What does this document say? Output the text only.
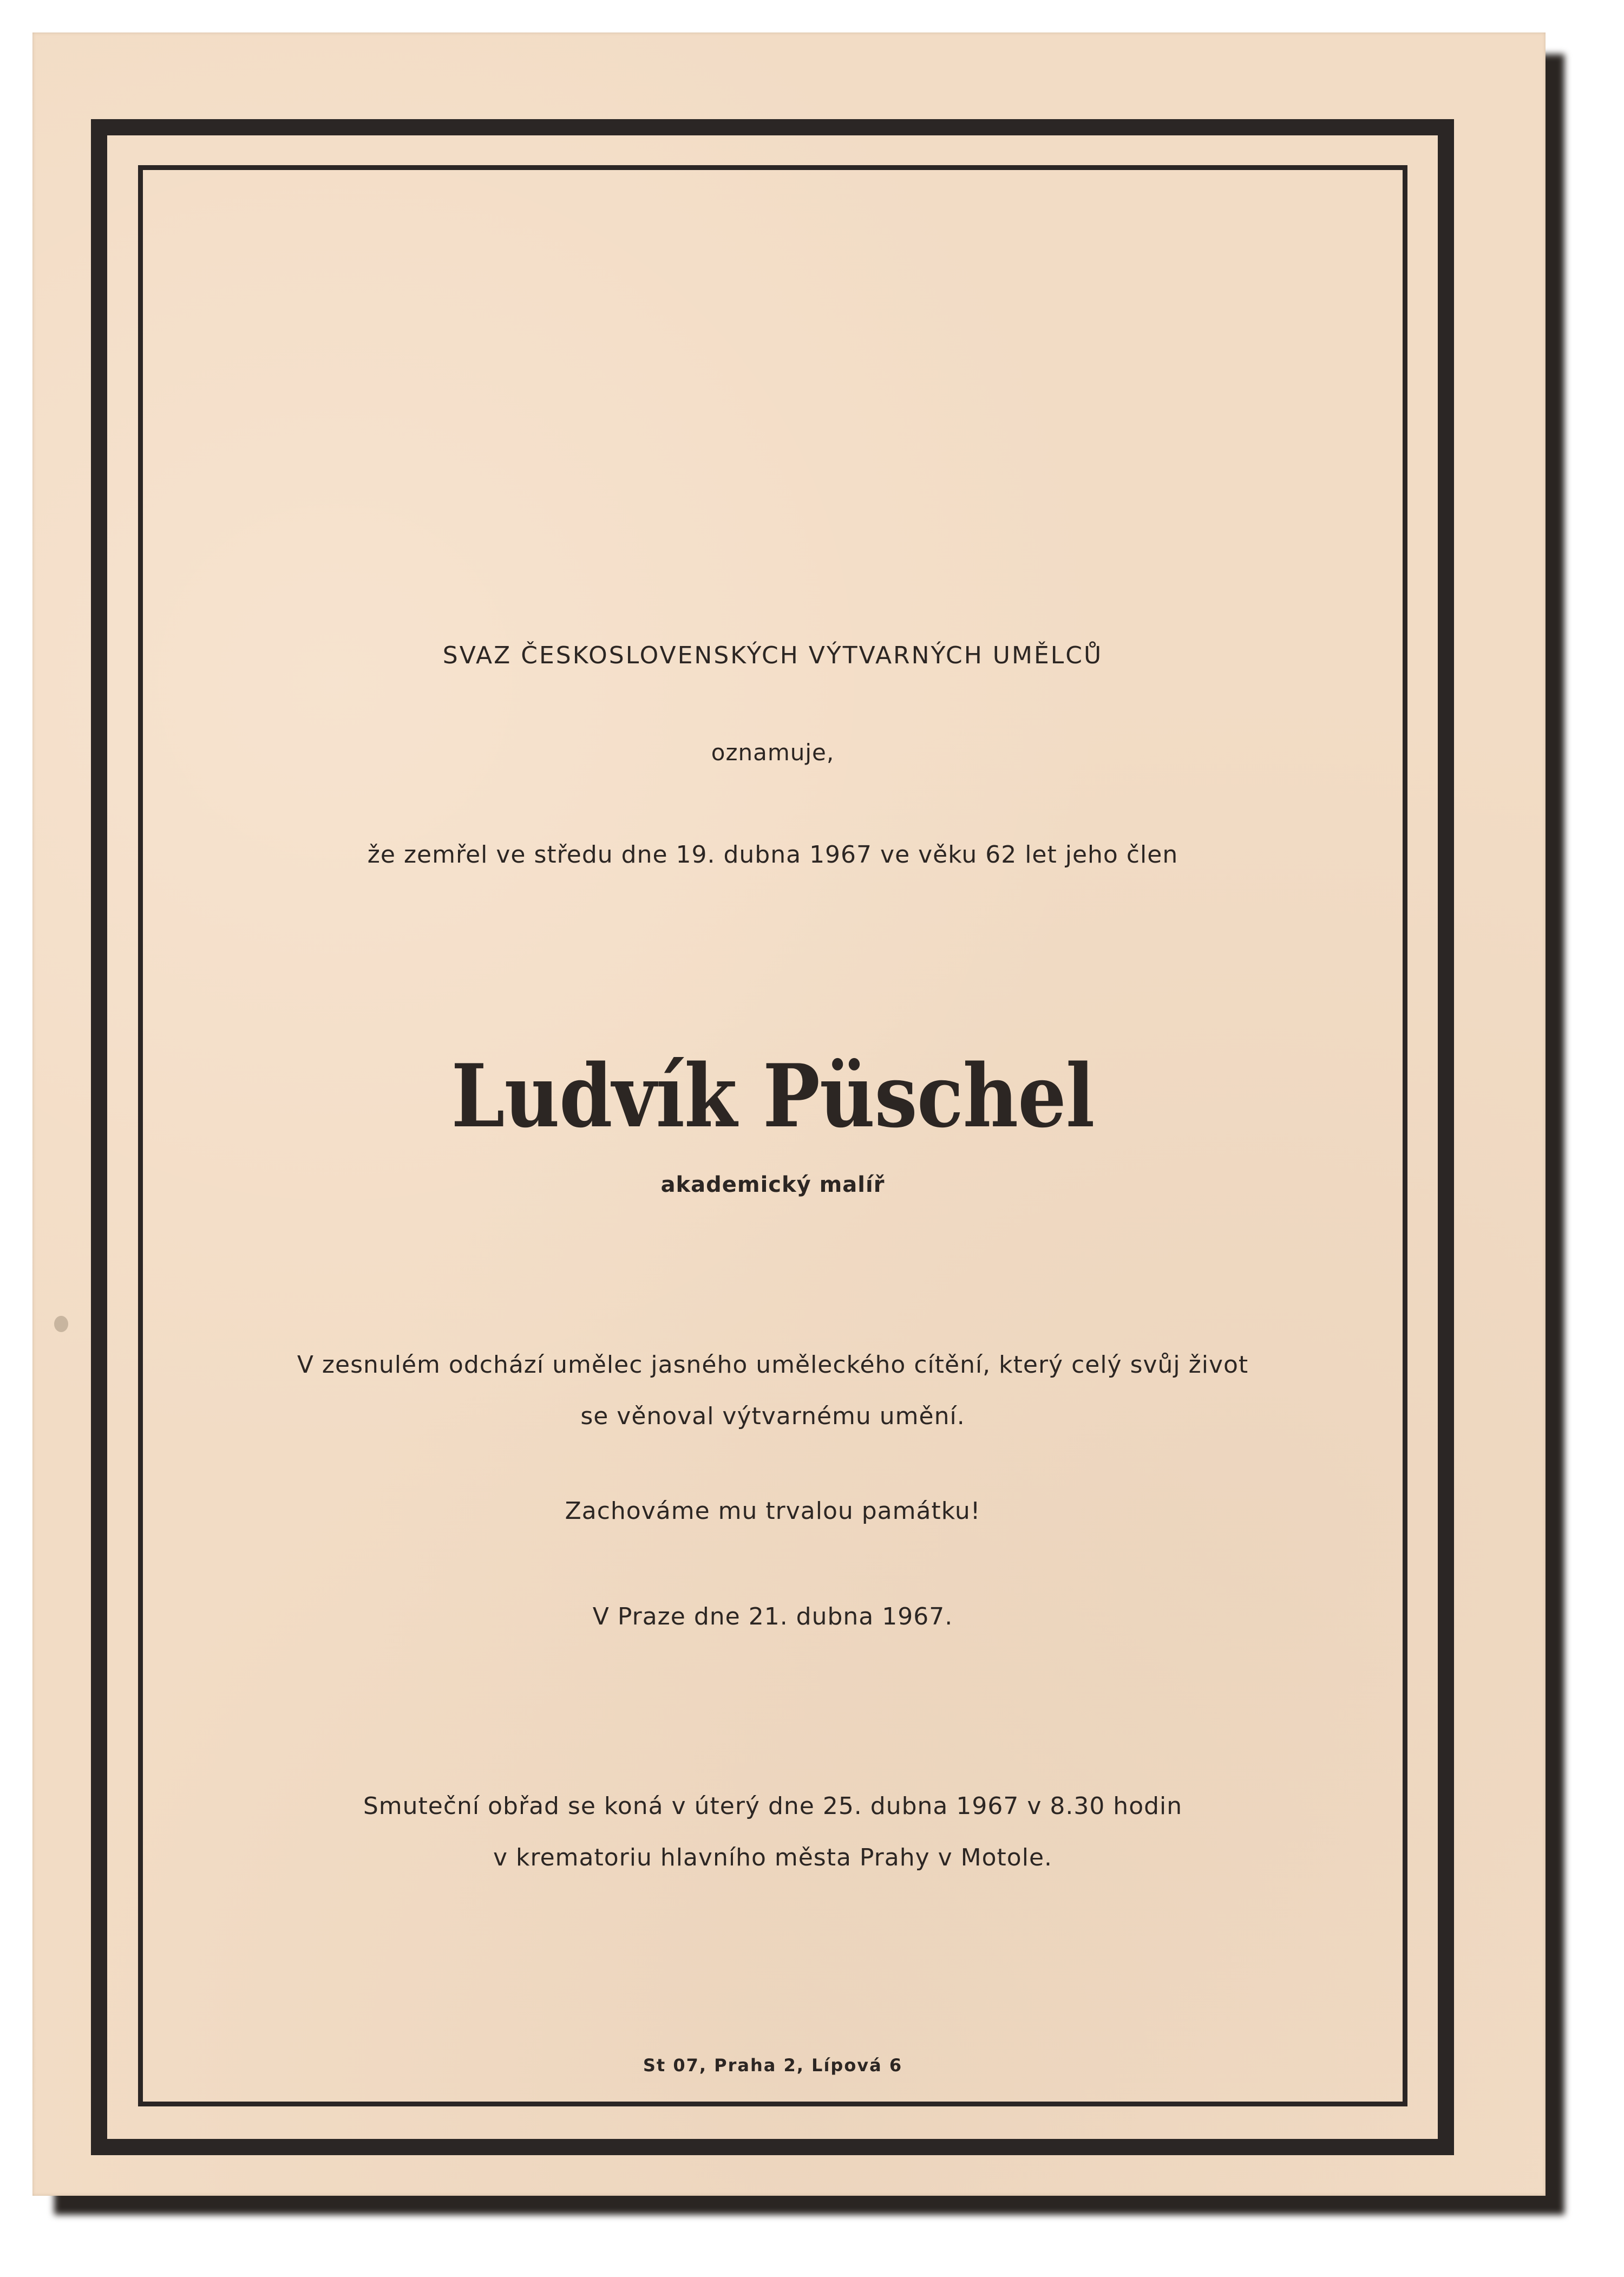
SVAZ ČESKOSLOVENSKÝCH VÝTVARNÝCH UMĚLCŮ
oznamuje,
že zemřel ve středu dne 19. dubna 1967 ve věku 62 let jeho člen
Ludvík Püschel
akademický malíř
V zesnulém odchází umělec jasného uměleckého cítění, který celý svůj život
se věnoval výtvarnému umění.
Zachováme mu trvalou památku!
V Praze dne 21. dubna 1967.
Smuteční obřad se koná v úterý dne 25. dubna 1967 v 8.30 hodin
v krematoriu hlavního města Prahy v Motole.
St 07, Praha 2, Lípová 6
